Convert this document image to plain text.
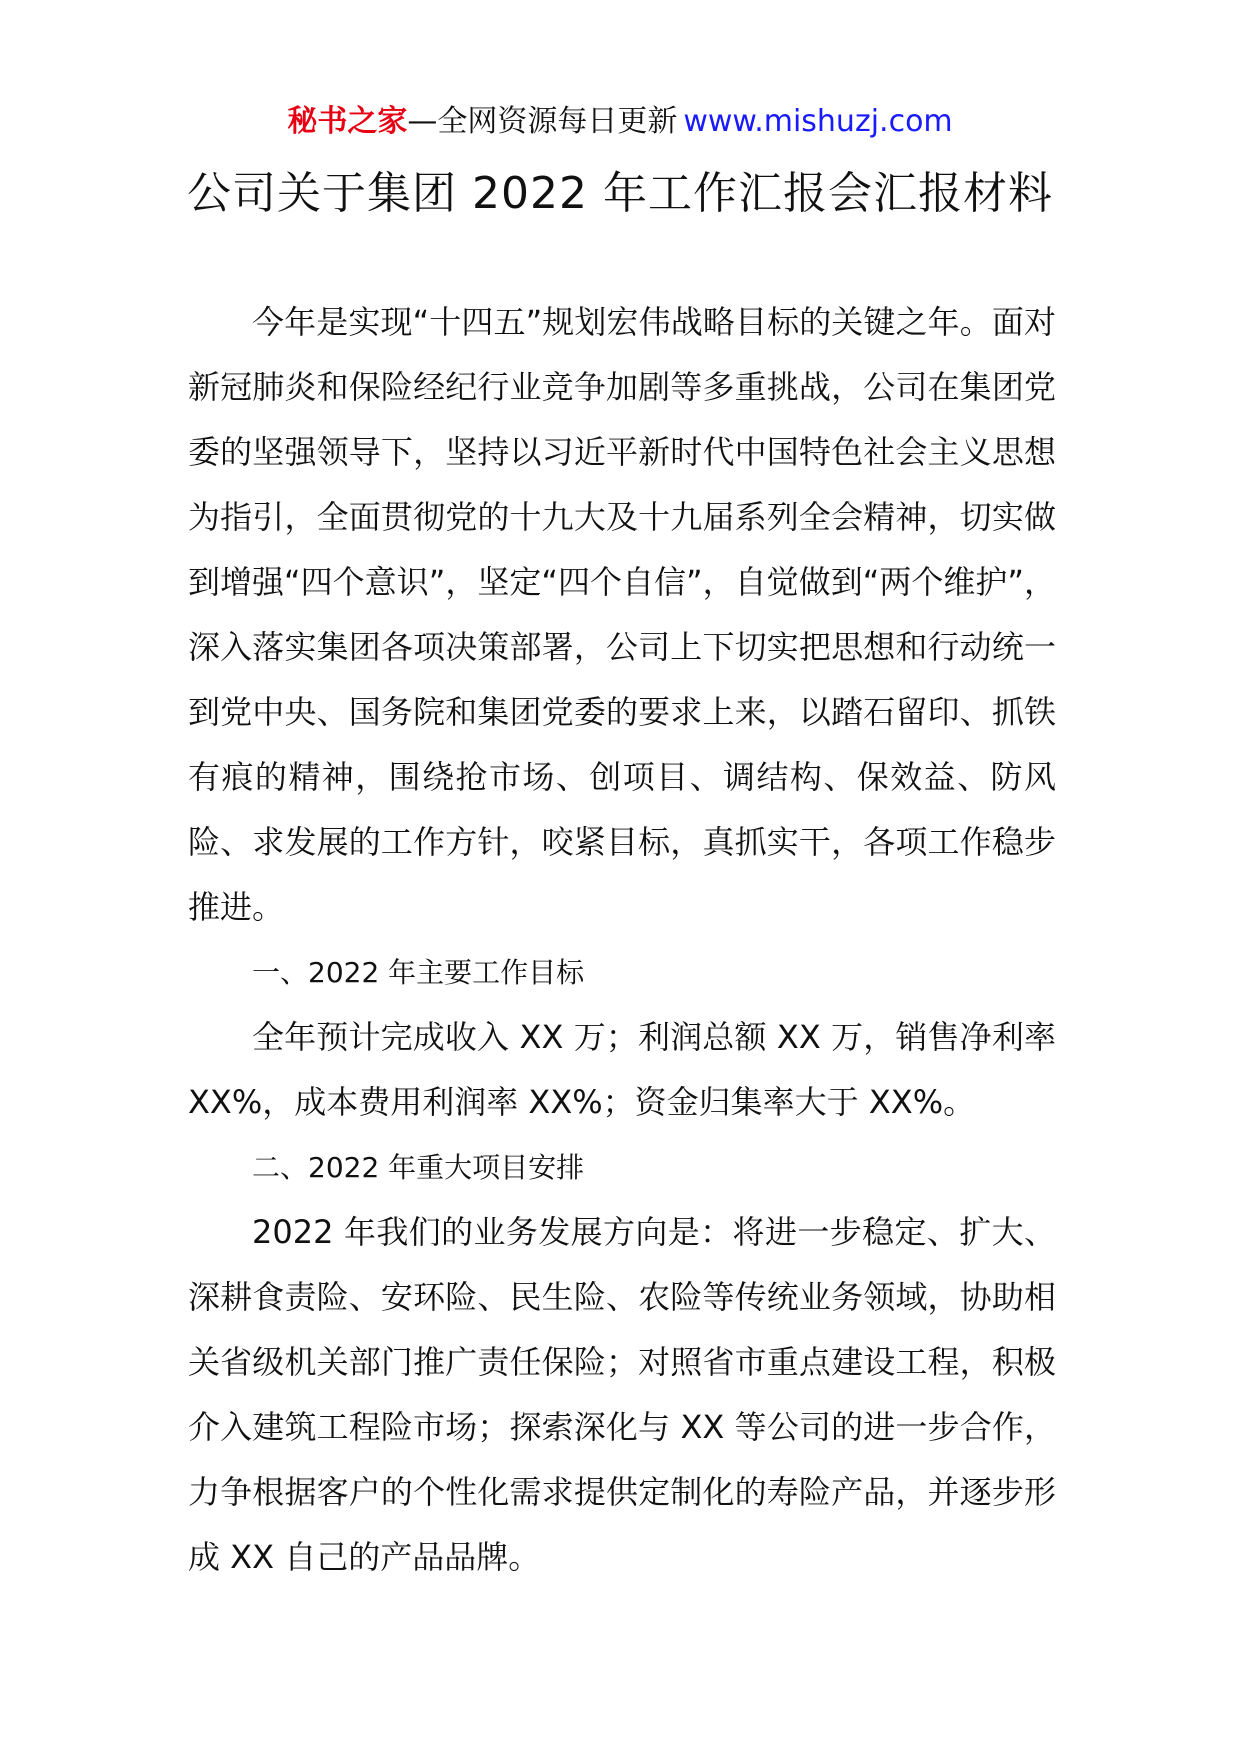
秘书之家—全网资源每日更新 www.mishuzj.com
公司关于集团 2022 年工作汇报会汇报材料

今年是实现“十四五”规划宏伟战略目标的关键之年。面对新冠肺炎和保险经纪行业竞争加剧等多重挑战，公司在集团党委的坚强领导下，坚持以习近平新时代中国特色社会主义思想为指引，全面贯彻党的十九大及十九届系列全会精神，切实做到增强“四个意识”，坚定“四个自信”，自觉做到“两个维护”，深入落实集团各项决策部署，公司上下切实把思想和行动统一到党中央、国务院和集团党委的要求上来，以踏石留印、抓铁有痕的精神，围绕抢市场、创项目、调结构、保效益、防风险、求发展的工作方针，咬紧目标，真抓实干，各项工作稳步推进。

一、2022 年主要工作目标

全年预计完成收入 XX 万；利润总额 XX 万，销售净利率 XX%，成本费用利润率 XX%；资金归集率大于 XX%。

二、2022 年重大项目安排

2022 年我们的业务发展方向是：将进一步稳定、扩大、深耕食责险、安环险、民生险、农险等传统业务领域，协助相关省级机关部门推广责任保险；对照省市重点建设工程，积极介入建筑工程险市场；探索深化与 XX 等公司的进一步合作，力争根据客户的个性化需求提供定制化的寿险产品，并逐步形成 XX 自己的产品品牌。
